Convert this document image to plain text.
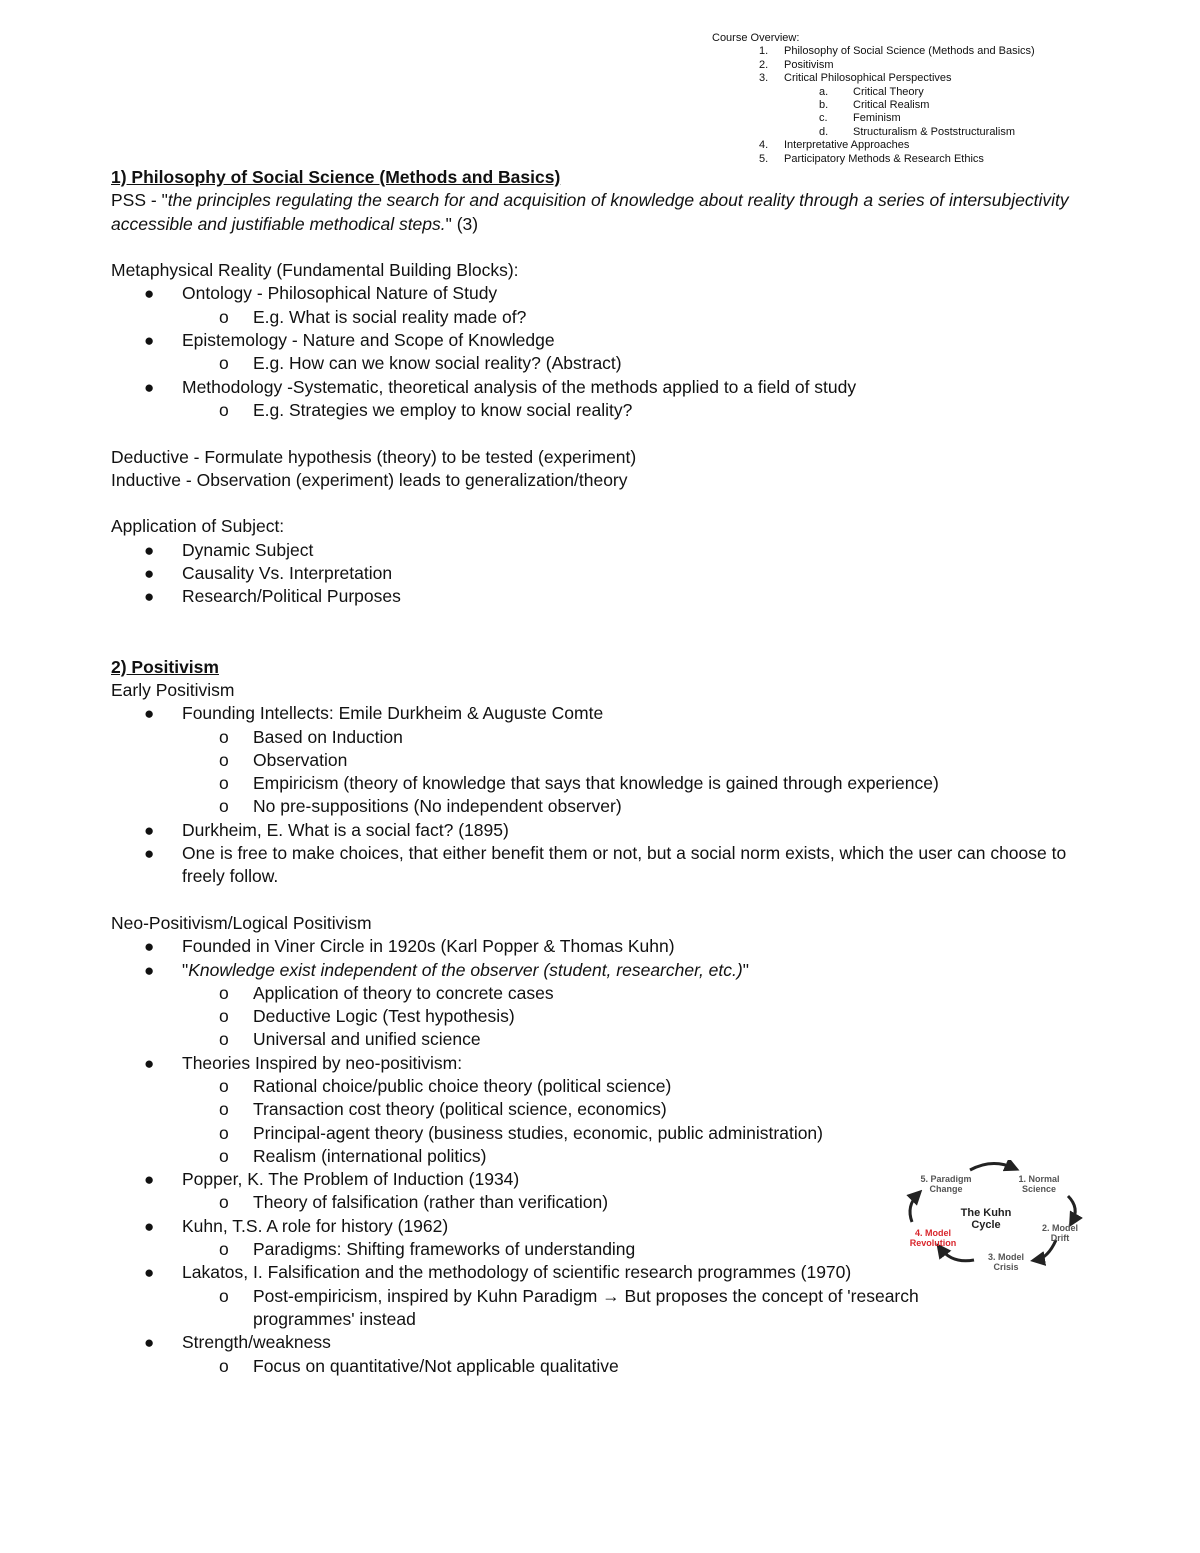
Course Overview:
1. Philosophy of Social Science (Methods and Basics)
2. Positivism
3. Critical Philosophical Perspectives
a. Critical Theory
b. Critical Realism
c. Feminism
d. Structuralism & Poststructuralism
4. Interpretative Approaches
5. Participatory Methods & Research Ethics
1) Philosophy of Social Science (Methods and Basics)
PSS - "the principles regulating the search for and acquisition of knowledge about reality through a series of intersubjectivity accessible and justifiable methodical steps." (3)
Metaphysical Reality (Fundamental Building Blocks):
● Ontology - Philosophical Nature of Study
o E.g. What is social reality made of?
● Epistemology - Nature and Scope of Knowledge
o E.g. How can we know social reality? (Abstract)
● Methodology -Systematic, theoretical analysis of the methods applied to a field of study
o E.g. Strategies we employ to know social reality?
Deductive - Formulate hypothesis (theory) to be tested (experiment)
Inductive - Observation (experiment) leads to generalization/theory
Application of Subject:
● Dynamic Subject
● Causality Vs. Interpretation
● Research/Political Purposes
2) Positivism
Early Positivism
● Founding Intellects: Emile Durkheim & Auguste Comte
o Based on Induction
o Observation
o Empiricism (theory of knowledge that says that knowledge is gained through experience)
o No pre-suppositions (No independent observer)
● Durkheim, E. What is a social fact? (1895)
● One is free to make choices, that either benefit them or not, but a social norm exists, which the user can choose to freely follow.
Neo-Positivism/Logical Positivism
● Founded in Viner Circle in 1920s (Karl Popper & Thomas Kuhn)
● "Knowledge exist independent of the observer (student, researcher, etc.)"
o Application of theory to concrete cases
o Deductive Logic (Test hypothesis)
o Universal and unified science
● Theories Inspired by neo-positivism:
o Rational choice/public choice theory (political science)
o Transaction cost theory (political science, economics)
o Principal-agent theory (business studies, economic, public administration)
o Realism (international politics)
● Popper, K. The Problem of Induction (1934)
o Theory of falsification (rather than verification)
● Kuhn, T.S. A role for history (1962)
o Paradigms: Shifting frameworks of understanding
● Lakatos, I. Falsification and the methodology of scientific research programmes (1970)
o Post-empiricism, inspired by Kuhn Paradigm → But proposes the concept of 'research programmes' instead
● Strength/weakness
o Focus on quantitative/Not applicable qualitative
The Kuhn Cycle
1. Normal Science
2. Model Drift
3. Model Crisis
4. Model Revolution
5. Paradigm Change
